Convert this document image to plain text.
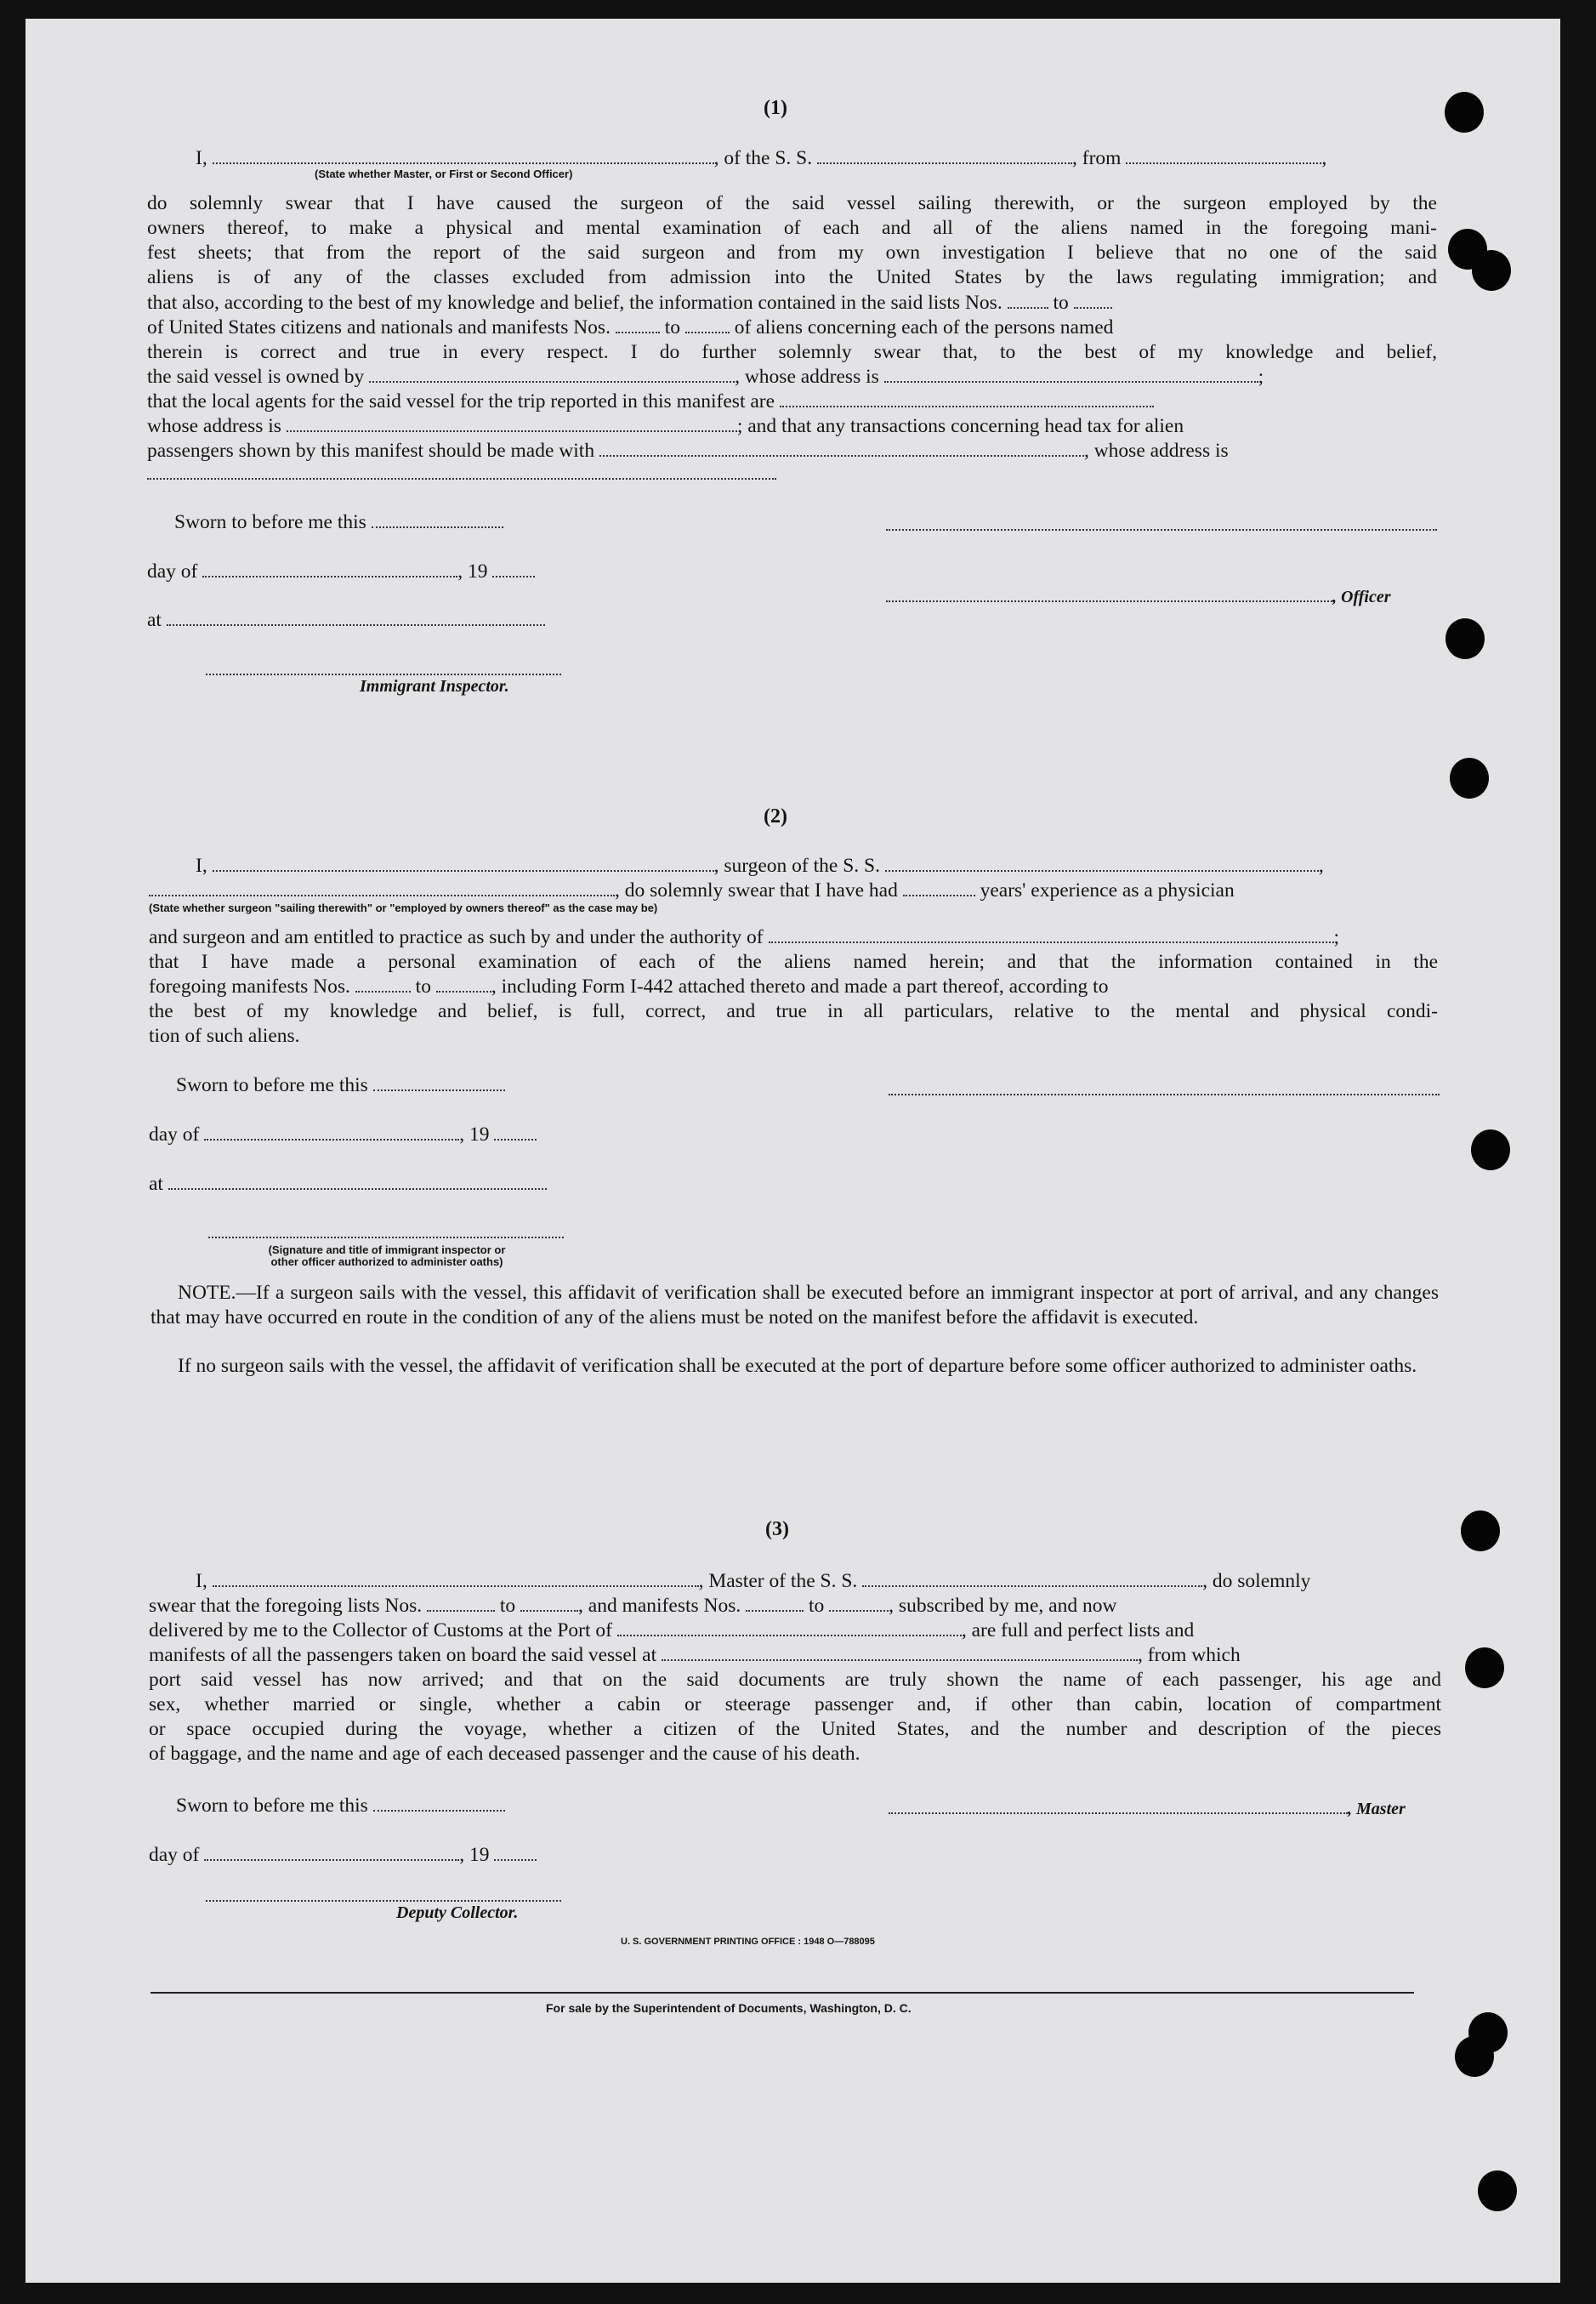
(1)
I,	, of the S. S.	, from	,
(State whether Master, or First or Second Officer)
do solemnly swear that I have caused the surgeon of the said vessel sailing therewith, or the surgeon employed by the
owners thereof, to make a physical and mental examination of each and all of the aliens named in the foregoing mani-
fest sheets; that from the report of the said surgeon and from my own investigation I believe that no one of the said
aliens is of any of the classes excluded from admission into the United States by the laws regulating immigration; and
that also, according to the best of my knowledge and belief, the information contained in the said lists Nos.	to
of United States citizens and nationals and manifests Nos.	to	of aliens concerning each of the persons named
therein is correct and true in every respect. I do further solemnly swear that, to the best of my knowledge and belief,
the said vessel is owned by	, whose address is	;
that the local agents for the said vessel for the trip reported in this manifest are
whose address is	; and that any transactions concerning head tax for alien
passengers shown by this manifest should be made with	, whose address is
Sworn to before me this
day of	, 19
, Officer
at
Immigrant Inspector.
(2)
I,	, surgeon of the S. S.	,
, do solemnly swear that I have had	years' experience as a physician
(State whether surgeon "sailing therewith" or "employed by owners thereof" as the case may be)
and surgeon and am entitled to practice as such by and under the authority of	;
that I have made a personal examination of each of the aliens named herein; and that the information contained in the
foregoing manifests Nos.	to	, including Form I-442 attached thereto and made a part thereof, according to
the best of my knowledge and belief, is full, correct, and true in all particulars, relative to the mental and physical condi-
tion of such aliens.
Sworn to before me this
day of	, 19
at
(Signature and title of immigrant inspector or
other officer authorized to administer oaths)
NOTE.—If a surgeon sails with the vessel, this affidavit of verification shall be executed before an immigrant inspector at port of arrival, and any changes that may have occurred en route in the condition of any of the aliens must be noted on the manifest before the affidavit is executed.
If no surgeon sails with the vessel, the affidavit of verification shall be executed at the port of departure before some officer authorized to administer oaths.
(3)
I,	, Master of the S. S.	, do solemnly
swear that the foregoing lists Nos.	to	, and manifests Nos.	to	, subscribed by me, and now
delivered by me to the Collector of Customs at the Port of	, are full and perfect lists and
manifests of all the passengers taken on board the said vessel at	, from which
port said vessel has now arrived; and that on the said documents are truly shown the name of each passenger, his age and
sex, whether married or single, whether a cabin or steerage passenger and, if other than cabin, location of compartment
or space occupied during the voyage, whether a citizen of the United States, and the number and description of the pieces
of baggage, and the name and age of each deceased passenger and the cause of his death.
Sworn to before me this	, Master
day of	, 19
Deputy Collector.
U. S. GOVERNMENT PRINTING OFFICE : 1948 O—788095
For sale by the Superintendent of Documents, Washington, D. C.
